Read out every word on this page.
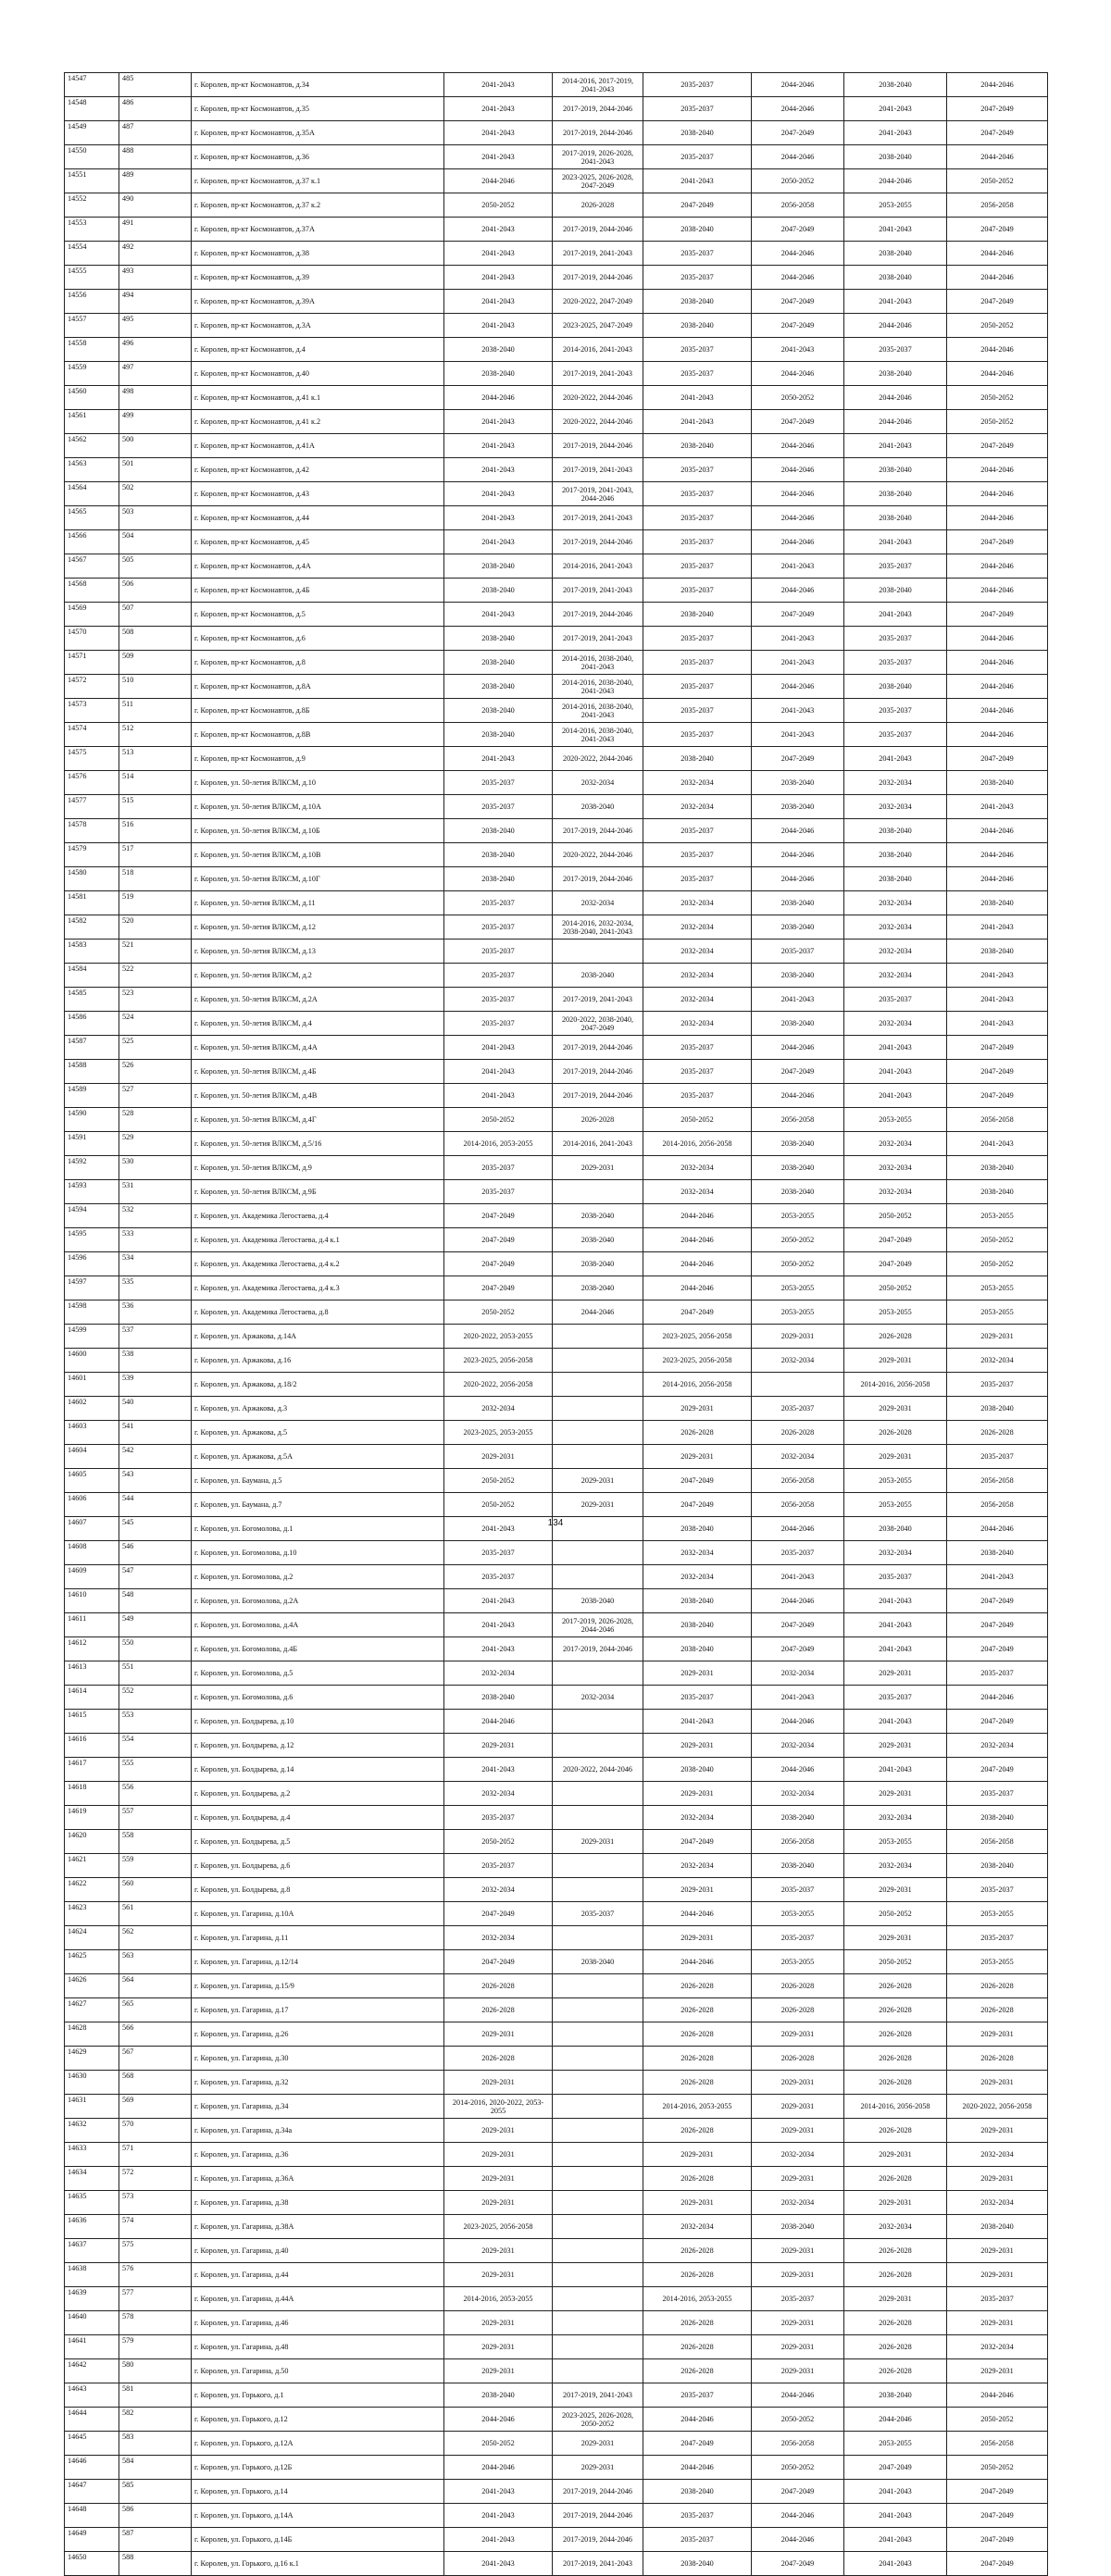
14547	485	г. Королев, пр-кт Космонавтов, д.34	2041-2043	2014-2016, 2017-2019, 2041-2043	2035-2037	2044-2046	2038-2040	2044-2046
14548	486	г. Королев, пр-кт Космонавтов, д.35	2041-2043	2017-2019, 2044-2046	2035-2037	2044-2046	2041-2043	2047-2049
14549	487	г. Королев, пр-кт Космонавтов, д.35А	2041-2043	2017-2019, 2044-2046	2038-2040	2047-2049	2041-2043	2047-2049
14550	488	г. Королев, пр-кт Космонавтов, д.36	2041-2043	2017-2019, 2026-2028, 2041-2043	2035-2037	2044-2046	2038-2040	2044-2046
14551	489	г. Королев, пр-кт Космонавтов, д.37 к.1	2044-2046	2023-2025, 2026-2028, 2047-2049	2041-2043	2050-2052	2044-2046	2050-2052
14552	490	г. Королев, пр-кт Космонавтов, д.37 к.2	2050-2052	2026-2028	2047-2049	2056-2058	2053-2055	2056-2058
14553	491	г. Королев, пр-кт Космонавтов, д.37А	2041-2043	2017-2019, 2044-2046	2038-2040	2047-2049	2041-2043	2047-2049
14554	492	г. Королев, пр-кт Космонавтов, д.38	2041-2043	2017-2019, 2041-2043	2035-2037	2044-2046	2038-2040	2044-2046
14555	493	г. Королев, пр-кт Космонавтов, д.39	2041-2043	2017-2019, 2044-2046	2035-2037	2044-2046	2038-2040	2044-2046
14556	494	г. Королев, пр-кт Космонавтов, д.39А	2041-2043	2020-2022, 2047-2049	2038-2040	2047-2049	2041-2043	2047-2049
14557	495	г. Королев, пр-кт Космонавтов, д.3А	2041-2043	2023-2025, 2047-2049	2038-2040	2047-2049	2044-2046	2050-2052
14558	496	г. Королев, пр-кт Космонавтов, д.4	2038-2040	2014-2016, 2041-2043	2035-2037	2041-2043	2035-2037	2044-2046
14559	497	г. Королев, пр-кт Космонавтов, д.40	2038-2040	2017-2019, 2041-2043	2035-2037	2044-2046	2038-2040	2044-2046
14560	498	г. Королев, пр-кт Космонавтов, д.41 к.1	2044-2046	2020-2022, 2044-2046	2041-2043	2050-2052	2044-2046	2050-2052
14561	499	г. Королев, пр-кт Космонавтов, д.41 к.2	2041-2043	2020-2022, 2044-2046	2041-2043	2047-2049	2044-2046	2050-2052
14562	500	г. Королев, пр-кт Космонавтов, д.41А	2041-2043	2017-2019, 2044-2046	2038-2040	2044-2046	2041-2043	2047-2049
14563	501	г. Королев, пр-кт Космонавтов, д.42	2041-2043	2017-2019, 2041-2043	2035-2037	2044-2046	2038-2040	2044-2046
14564	502	г. Королев, пр-кт Космонавтов, д.43	2041-2043	2017-2019, 2041-2043, 2044-2046	2035-2037	2044-2046	2038-2040	2044-2046
14565	503	г. Королев, пр-кт Космонавтов, д.44	2041-2043	2017-2019, 2041-2043	2035-2037	2044-2046	2038-2040	2044-2046
14566	504	г. Королев, пр-кт Космонавтов, д.45	2041-2043	2017-2019, 2044-2046	2035-2037	2044-2046	2041-2043	2047-2049
14567	505	г. Королев, пр-кт Космонавтов, д.4А	2038-2040	2014-2016, 2041-2043	2035-2037	2041-2043	2035-2037	2044-2046
14568	506	г. Королев, пр-кт Космонавтов, д.4Б	2038-2040	2017-2019, 2041-2043	2035-2037	2044-2046	2038-2040	2044-2046
14569	507	г. Королев, пр-кт Космонавтов, д.5	2041-2043	2017-2019, 2044-2046	2038-2040	2047-2049	2041-2043	2047-2049
14570	508	г. Королев, пр-кт Космонавтов, д.6	2038-2040	2017-2019, 2041-2043	2035-2037	2041-2043	2035-2037	2044-2046
14571	509	г. Королев, пр-кт Космонавтов, д.8	2038-2040	2014-2016, 2038-2040, 2041-2043	2035-2037	2041-2043	2035-2037	2044-2046
14572	510	г. Королев, пр-кт Космонавтов, д.8А	2038-2040	2014-2016, 2038-2040, 2041-2043	2035-2037	2044-2046	2038-2040	2044-2046
14573	511	г. Королев, пр-кт Космонавтов, д.8Б	2038-2040	2014-2016, 2038-2040, 2041-2043	2035-2037	2041-2043	2035-2037	2044-2046
14574	512	г. Королев, пр-кт Космонавтов, д.8В	2038-2040	2014-2016, 2038-2040, 2041-2043	2035-2037	2041-2043	2035-2037	2044-2046
14575	513	г. Королев, пр-кт Космонавтов, д.9	2041-2043	2020-2022, 2044-2046	2038-2040	2047-2049	2041-2043	2047-2049
14576	514	г. Королев, ул. 50-летия ВЛКСМ, д.10	2035-2037	2032-2034	2032-2034	2038-2040	2032-2034	2038-2040
14577	515	г. Королев, ул. 50-летия ВЛКСМ, д.10А	2035-2037	2038-2040	2032-2034	2038-2040	2032-2034	2041-2043
14578	516	г. Королев, ул. 50-летия ВЛКСМ, д.10Б	2038-2040	2017-2019, 2044-2046	2035-2037	2044-2046	2038-2040	2044-2046
14579	517	г. Королев, ул. 50-летия ВЛКСМ, д.10В	2038-2040	2020-2022, 2044-2046	2035-2037	2044-2046	2038-2040	2044-2046
14580	518	г. Королев, ул. 50-летия ВЛКСМ, д.10Г	2038-2040	2017-2019, 2044-2046	2035-2037	2044-2046	2038-2040	2044-2046
14581	519	г. Королев, ул. 50-летия ВЛКСМ, д.11	2035-2037	2032-2034	2032-2034	2038-2040	2032-2034	2038-2040
14582	520	г. Королев, ул. 50-летия ВЛКСМ, д.12	2035-2037	2014-2016, 2032-2034, 2038-2040, 2041-2043	2032-2034	2038-2040	2032-2034	2041-2043
14583	521	г. Королев, ул. 50-летия ВЛКСМ, д.13	2035-2037		2032-2034	2035-2037	2032-2034	2038-2040
14584	522	г. Королев, ул. 50-летия ВЛКСМ, д.2	2035-2037	2038-2040	2032-2034	2038-2040	2032-2034	2041-2043
14585	523	г. Королев, ул. 50-летия ВЛКСМ, д.2А	2035-2037	2017-2019, 2041-2043	2032-2034	2041-2043	2035-2037	2041-2043
14586	524	г. Королев, ул. 50-летия ВЛКСМ, д.4	2035-2037	2020-2022, 2038-2040, 2047-2049	2032-2034	2038-2040	2032-2034	2041-2043
14587	525	г. Королев, ул. 50-летия ВЛКСМ, д.4А	2041-2043	2017-2019, 2044-2046	2035-2037	2044-2046	2041-2043	2047-2049
14588	526	г. Королев, ул. 50-летия ВЛКСМ, д.4Б	2041-2043	2017-2019, 2044-2046	2035-2037	2047-2049	2041-2043	2047-2049
14589	527	г. Королев, ул. 50-летия ВЛКСМ, д.4В	2041-2043	2017-2019, 2044-2046	2035-2037	2044-2046	2041-2043	2047-2049
14590	528	г. Королев, ул. 50-летия ВЛКСМ, д.4Г	2050-2052	2026-2028	2050-2052	2056-2058	2053-2055	2056-2058
14591	529	г. Королев, ул. 50-летия ВЛКСМ, д.5/16	2014-2016, 2053-2055	2014-2016, 2041-2043	2014-2016, 2056-2058	2038-2040	2032-2034	2041-2043
14592	530	г. Королев, ул. 50-летия ВЛКСМ, д.9	2035-2037	2029-2031	2032-2034	2038-2040	2032-2034	2038-2040
14593	531	г. Королев, ул. 50-летия ВЛКСМ, д.9Б	2035-2037		2032-2034	2038-2040	2032-2034	2038-2040
14594	532	г. Королев, ул. Академика Легостаева, д.4	2047-2049	2038-2040	2044-2046	2053-2055	2050-2052	2053-2055
14595	533	г. Королев, ул. Академика Легостаева, д.4 к.1	2047-2049	2038-2040	2044-2046	2050-2052	2047-2049	2050-2052
14596	534	г. Королев, ул. Академика Легостаева, д.4 к.2	2047-2049	2038-2040	2044-2046	2050-2052	2047-2049	2050-2052
14597	535	г. Королев, ул. Академика Легостаева, д.4 к.3	2047-2049	2038-2040	2044-2046	2053-2055	2050-2052	2053-2055
14598	536	г. Королев, ул. Академика Легостаева, д.8	2050-2052	2044-2046	2047-2049	2053-2055	2053-2055	2053-2055
14599	537	г. Королев, ул. Аржакова, д.14А	2020-2022, 2053-2055		2023-2025, 2056-2058	2029-2031	2026-2028	2029-2031
14600	538	г. Королев, ул. Аржакова, д.16	2023-2025, 2056-2058		2023-2025, 2056-2058	2032-2034	2029-2031	2032-2034
14601	539	г. Королев, ул. Аржакова, д.18/2	2020-2022, 2056-2058		2014-2016, 2056-2058		2014-2016, 2056-2058	2035-2037
14602	540	г. Королев, ул. Аржакова, д.3	2032-2034		2029-2031	2035-2037	2029-2031	2038-2040
14603	541	г. Королев, ул. Аржакова, д.5	2023-2025, 2053-2055		2026-2028	2026-2028	2026-2028	2026-2028
14604	542	г. Королев, ул. Аржакова, д.5А	2029-2031		2029-2031	2032-2034	2029-2031	2035-2037
14605	543	г. Королев, ул. Баумана, д.5	2050-2052	2029-2031	2047-2049	2056-2058	2053-2055	2056-2058
14606	544	г. Королев, ул. Баумана, д.7	2050-2052	2029-2031	2047-2049	2056-2058	2053-2055	2056-2058
14607	545	г. Королев, ул. Богомолова, д.1	2041-2043		2038-2040	2044-2046	2038-2040	2044-2046
14608	546	г. Королев, ул. Богомолова, д.10	2035-2037		2032-2034	2035-2037	2032-2034	2038-2040
14609	547	г. Королев, ул. Богомолова, д.2	2035-2037		2032-2034	2041-2043	2035-2037	2041-2043
14610	548	г. Королев, ул. Богомолова, д.2А	2041-2043	2038-2040	2038-2040	2044-2046	2041-2043	2047-2049
14611	549	г. Королев, ул. Богомолова, д.4А	2041-2043	2017-2019, 2026-2028, 2044-2046	2038-2040	2047-2049	2041-2043	2047-2049
14612	550	г. Королев, ул. Богомолова, д.4Б	2041-2043	2017-2019, 2044-2046	2038-2040	2047-2049	2041-2043	2047-2049
14613	551	г. Королев, ул. Богомолова, д.5	2032-2034		2029-2031	2032-2034	2029-2031	2035-2037
14614	552	г. Королев, ул. Богомолова, д.6	2038-2040	2032-2034	2035-2037	2041-2043	2035-2037	2044-2046
14615	553	г. Королев, ул. Болдырева, д.10	2044-2046		2041-2043	2044-2046	2041-2043	2047-2049
14616	554	г. Королев, ул. Болдырева, д.12	2029-2031		2029-2031	2032-2034	2029-2031	2032-2034
14617	555	г. Королев, ул. Болдырева, д.14	2041-2043	2020-2022, 2044-2046	2038-2040	2044-2046	2041-2043	2047-2049
14618	556	г. Королев, ул. Болдырева, д.2	2032-2034		2029-2031	2032-2034	2029-2031	2035-2037
14619	557	г. Королев, ул. Болдырева, д.4	2035-2037		2032-2034	2038-2040	2032-2034	2038-2040
14620	558	г. Королев, ул. Болдырева, д.5	2050-2052	2029-2031	2047-2049	2056-2058	2053-2055	2056-2058
14621	559	г. Королев, ул. Болдырева, д.6	2035-2037		2032-2034	2038-2040	2032-2034	2038-2040
14622	560	г. Королев, ул. Болдырева, д.8	2032-2034		2029-2031	2035-2037	2029-2031	2035-2037
14623	561	г. Королев, ул. Гагарина, д.10А	2047-2049	2035-2037	2044-2046	2053-2055	2050-2052	2053-2055
14624	562	г. Королев, ул. Гагарина, д.11	2032-2034		2029-2031	2035-2037	2029-2031	2035-2037
14625	563	г. Королев, ул. Гагарина, д.12/14	2047-2049	2038-2040	2044-2046	2053-2055	2050-2052	2053-2055
14626	564	г. Королев, ул. Гагарина, д.15/9	2026-2028		2026-2028	2026-2028	2026-2028	2026-2028
14627	565	г. Королев, ул. Гагарина, д.17	2026-2028		2026-2028	2026-2028	2026-2028	2026-2028
14628	566	г. Королев, ул. Гагарина, д.26	2029-2031		2026-2028	2029-2031	2026-2028	2029-2031
14629	567	г. Королев, ул. Гагарина, д.30	2026-2028		2026-2028	2026-2028	2026-2028	2026-2028
14630	568	г. Королев, ул. Гагарина, д.32	2029-2031		2026-2028	2029-2031	2026-2028	2029-2031
14631	569	г. Королев, ул. Гагарина, д.34	2014-2016, 2020-2022, 2053-2055		2014-2016, 2053-2055	2029-2031	2014-2016, 2056-2058	2020-2022, 2056-2058
14632	570	г. Королев, ул. Гагарина, д.34а	2029-2031		2026-2028	2029-2031	2026-2028	2029-2031
14633	571	г. Королев, ул. Гагарина, д.36	2029-2031		2029-2031	2032-2034	2029-2031	2032-2034
14634	572	г. Королев, ул. Гагарина, д.36А	2029-2031		2026-2028	2029-2031	2026-2028	2029-2031
14635	573	г. Королев, ул. Гагарина, д.38	2029-2031		2029-2031	2032-2034	2029-2031	2032-2034
14636	574	г. Королев, ул. Гагарина, д.38А	2023-2025, 2056-2058		2032-2034	2038-2040	2032-2034	2038-2040
14637	575	г. Королев, ул. Гагарина, д.40	2029-2031		2026-2028	2029-2031	2026-2028	2029-2031
14638	576	г. Королев, ул. Гагарина, д.44	2029-2031		2026-2028	2029-2031	2026-2028	2029-2031
14639	577	г. Королев, ул. Гагарина, д.44А	2014-2016, 2053-2055		2014-2016, 2053-2055	2035-2037	2029-2031	2035-2037
14640	578	г. Королев, ул. Гагарина, д.46	2029-2031		2026-2028	2029-2031	2026-2028	2029-2031
14641	579	г. Королев, ул. Гагарина, д.48	2029-2031		2026-2028	2029-2031	2026-2028	2032-2034
14642	580	г. Королев, ул. Гагарина, д.50	2029-2031		2026-2028	2029-2031	2026-2028	2029-2031
14643	581	г. Королев, ул. Горького, д.1	2038-2040	2017-2019, 2041-2043	2035-2037	2044-2046	2038-2040	2044-2046
14644	582	г. Королев, ул. Горького, д.12	2044-2046	2023-2025, 2026-2028, 2050-2052	2044-2046	2050-2052	2044-2046	2050-2052
14645	583	г. Королев, ул. Горького, д.12А	2050-2052	2029-2031	2047-2049	2056-2058	2053-2055	2056-2058
14646	584	г. Королев, ул. Горького, д.12Б	2044-2046	2029-2031	2044-2046	2050-2052	2047-2049	2050-2052
14647	585	г. Королев, ул. Горького, д.14	2041-2043	2017-2019, 2044-2046	2038-2040	2047-2049	2041-2043	2047-2049
14648	586	г. Королев, ул. Горького, д.14А	2041-2043	2017-2019, 2044-2046	2035-2037	2044-2046	2041-2043	2047-2049
14649	587	г. Королев, ул. Горького, д.14Б	2041-2043	2017-2019, 2044-2046	2035-2037	2044-2046	2041-2043	2047-2049
14650	588	г. Королев, ул. Горького, д.16 к.1	2041-2043	2017-2019, 2041-2043	2038-2040	2047-2049	2041-2043	2047-2049
134
